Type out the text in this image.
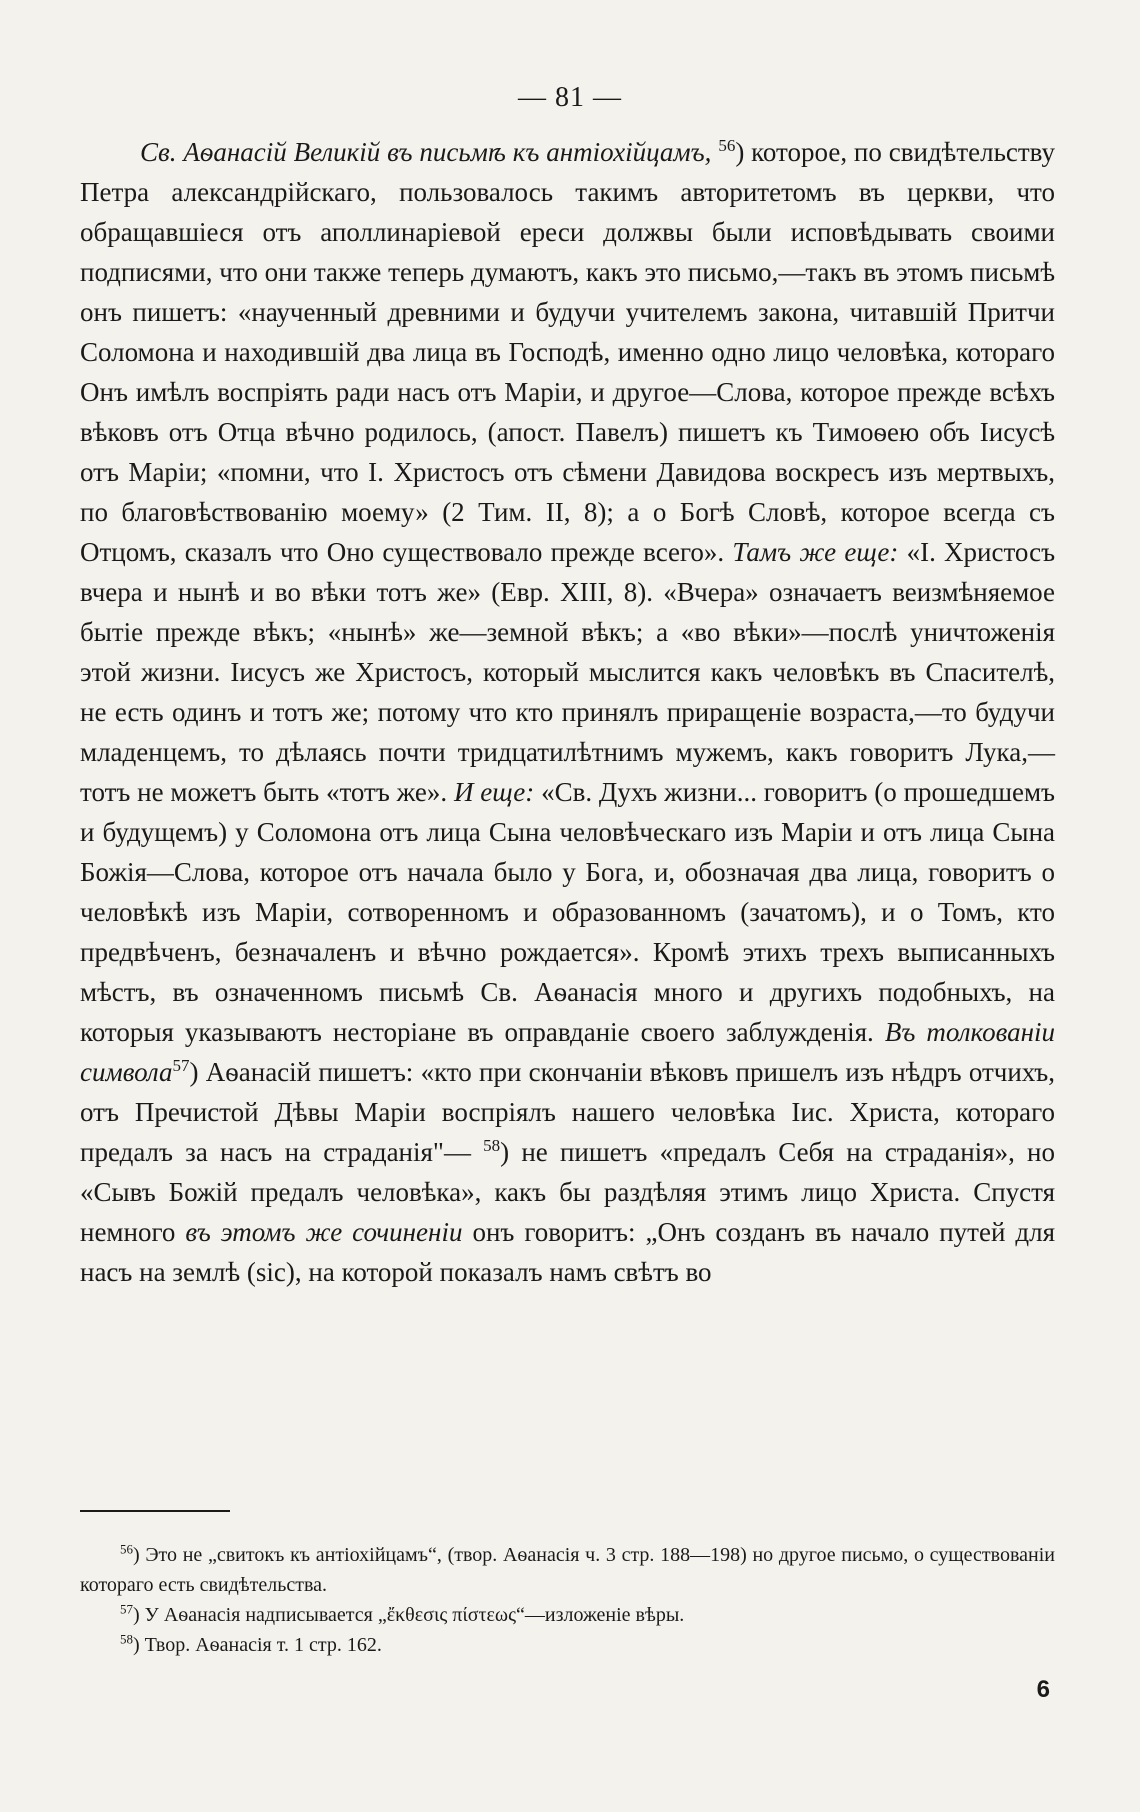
— 81 —

Св. Аѳанасій Великій въ письмѣ къ антіохійцамъ, $^{56}$) которое, по свидѣтельству Петра александрійскаго, пользовалось такимъ авторитетомъ въ церкви, что обращавшіеся отъ аполлинаріевой ереси должвы были исповѣдывать своими подписями, что они также теперь думаютъ, какъ это письмо,—такъ въ этомъ письмѣ онъ пишетъ: «наученный древними и будучи учителемъ закона, читавшій Притчи Соломона и находившій два лица въ Господѣ, именно одно лицо человѣка, котораго Онъ имѣлъ воспріять ради насъ отъ Маріи, и другое—Слова, которое прежде всѣхъ вѣковъ отъ Отца вѣчно родилось, (апост. Павелъ) пишетъ къ Тимоѳею объ Іисусѣ отъ Маріи; «помни, что І. Христосъ отъ сѣмени Давидова воскресъ изъ мертвыхъ, по благовѣствованію моему» (2 Тим. II, 8); а о Богѣ Словѣ, которое всегда съ Отцомъ, сказалъ что Оно существовало прежде всего». Тамъ же еще: «І. Христосъ вчера и нынѣ и во вѣки тотъ же» (Евр. XIII, 8). «Вчера» означаетъ веизмѣняемое бытіе прежде вѣкъ; «нынѣ» же—земной вѣкъ; а «во вѣки»—послѣ уничтоженія этой жизни. Іисусъ же Христосъ, который мыслится какъ человѣкъ въ Спасителѣ, не есть одинъ и тотъ же; потому что кто принялъ приращеніе возраста,—то будучи младенцемъ, то дѣлаясь почти тридцатилѣтнимъ мужемъ, какъ говоритъ Лука,—тотъ не можетъ быть «тотъ же». И еще: «Св. Духъ жизни... говоритъ (о прошедшемъ и будущемъ) у Соломона отъ лица Сына человѣческаго изъ Маріи и отъ лица Сына Божія—Слова, которое отъ начала было у Бога, и, обозначая два лица, говоритъ о человѣкѣ изъ Маріи, сотворенномъ и образованномъ (зачатомъ), и о Томъ, кто предвѣченъ, безначаленъ и вѣчно рождается». Кромѣ этихъ трехъ выписанныхъ мѣстъ, въ означенномъ письмѣ Св. Аѳанасія много и другихъ подобныхъ, на которыя указываютъ несторіане въ оправданіе своего заблужденія. Въ толкованіи символа$^{57}$) Аѳанасій пишетъ: «кто при скончаніи вѣковъ пришелъ изъ нѣдръ отчихъ, отъ Пречистой Дѣвы Маріи воспріялъ нашего человѣка Іис. Христа, котораго предалъ за насъ на страданія"— $^{58}$) не пишетъ «предалъ Себя на страданія», но «Сывъ Божій предалъ человѣка», какъ бы раздѣляя этимъ лицо Христа. Спустя немного въ этомъ же сочиненіи онъ говоритъ: „Онъ созданъ въ начало путей для насъ на землѣ (sic), на которой показалъ намъ свѣтъ во

$^{56}$) Это не „свитокъ къ антіохійцамъ“, (твор. Аѳанасія ч. 3 стр. 188—198) но другое письмо, о существованіи котораго есть свидѣтельства.

$^{57}$) У Аѳанасія надписывается „ἔκθεσις πίστεως“—изложеніе вѣры.

$^{58}$) Твор. Аѳанасія т. 1 стр. 162.

6
